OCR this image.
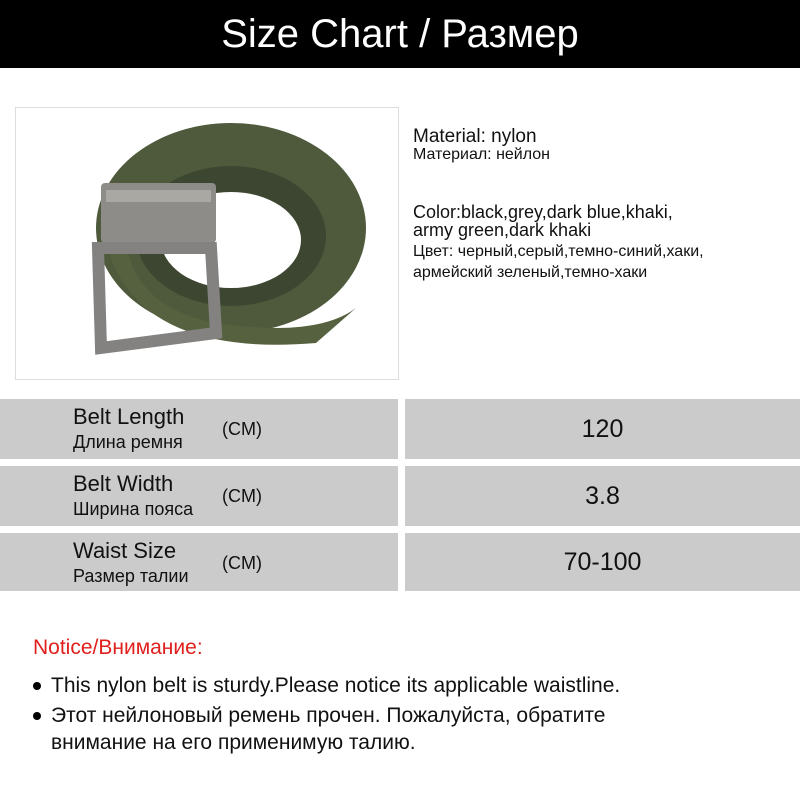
Size Chart / Размер
Material: nylon
Материал: нейлон
Color:black,grey,dark blue,khaki,
army green,dark khaki
Цвет: черный,серый,темно-синий,хаки,
армейский зеленый,темно-хаки
Belt Length
Длина ремня
(CM)	120
Belt Width
Ширина пояса
(CM)	3.8
Waist Size
Размер талии
(CM)	70-100
Notice/Внимание:
This nylon belt is sturdy.Please notice its applicable waistline.
Этот нейлоновый ремень прочен. Пожалуйста, обратите
внимание на его применимую талию.
